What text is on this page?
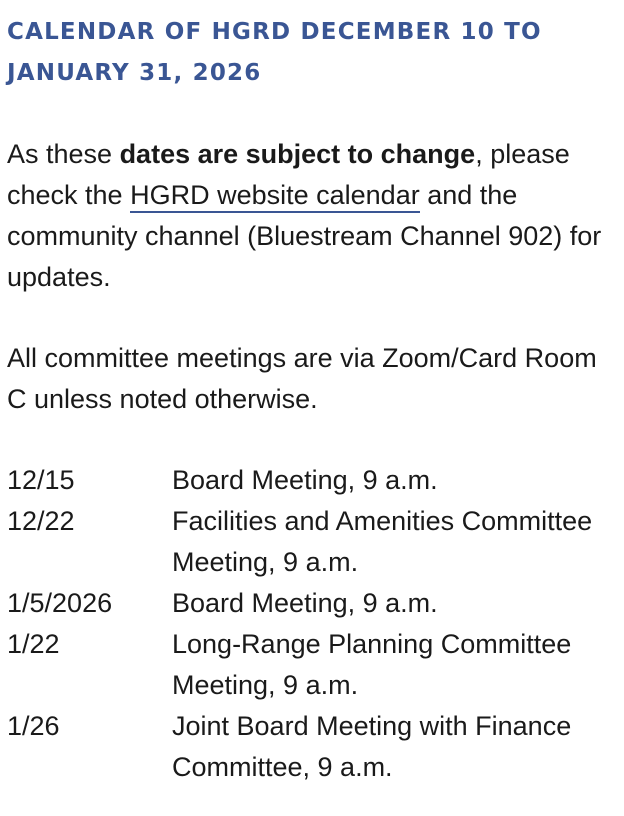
CALENDAR OF HGRD DECEMBER 10 TO
JANUARY 31, 2026

As these dates are subject to change, please check the HGRD website calendar and the community channel (Bluestream Channel 902) for updates.

All committee meetings are via Zoom/Card Room C unless noted otherwise.

12/15	Board Meeting, 9 a.m.
12/22	Facilities and Amenities Committee Meeting, 9 a.m.
1/5/2026	Board Meeting, 9 a.m.
1/22	Long-Range Planning Committee Meeting, 9 a.m.
1/26	Joint Board Meeting with Finance Committee, 9 a.m.
